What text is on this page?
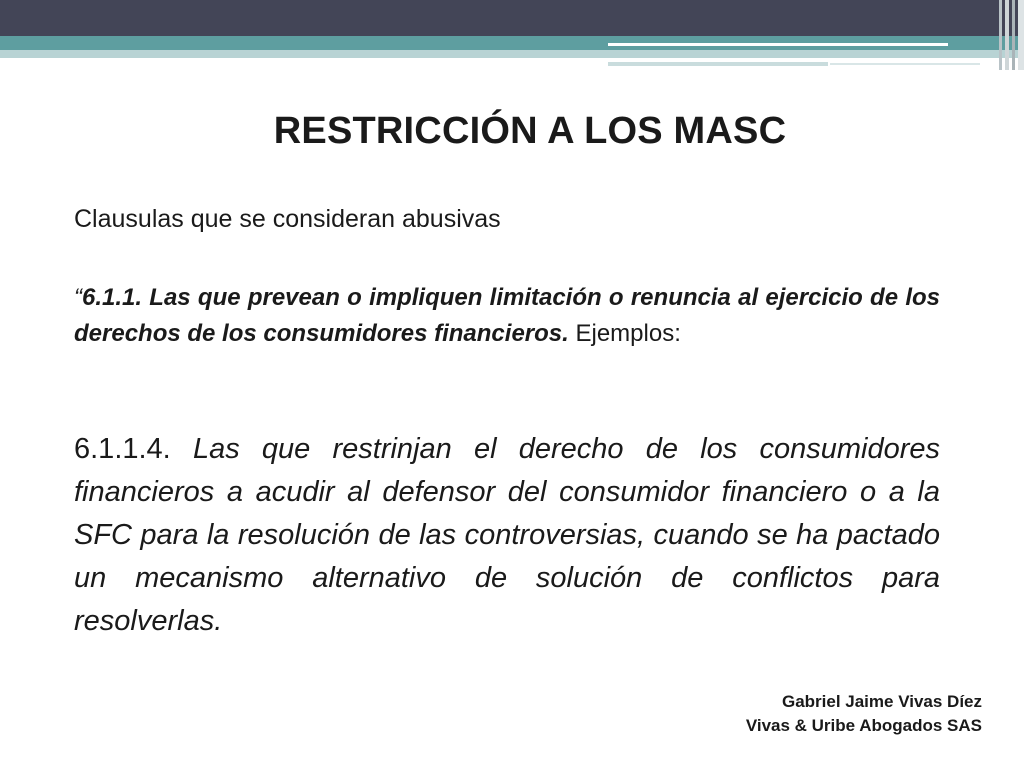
RESTRICCIÓN A LOS MASC

Clausulas que se consideran abusivas

“6.1.1. Las que prevean o impliquen limitación o renuncia al ejercicio de los derechos de los consumidores financieros. Ejemplos:

6.1.1.4. Las que restrinjan el derecho de los consumidores financieros a acudir al defensor del consumidor financiero o a la SFC para la resolución de las controversias, cuando se ha pactado un mecanismo alternativo de solución de conflictos para resolverlas.

Gabriel Jaime Vivas Díez
Vivas & Uribe Abogados SAS
